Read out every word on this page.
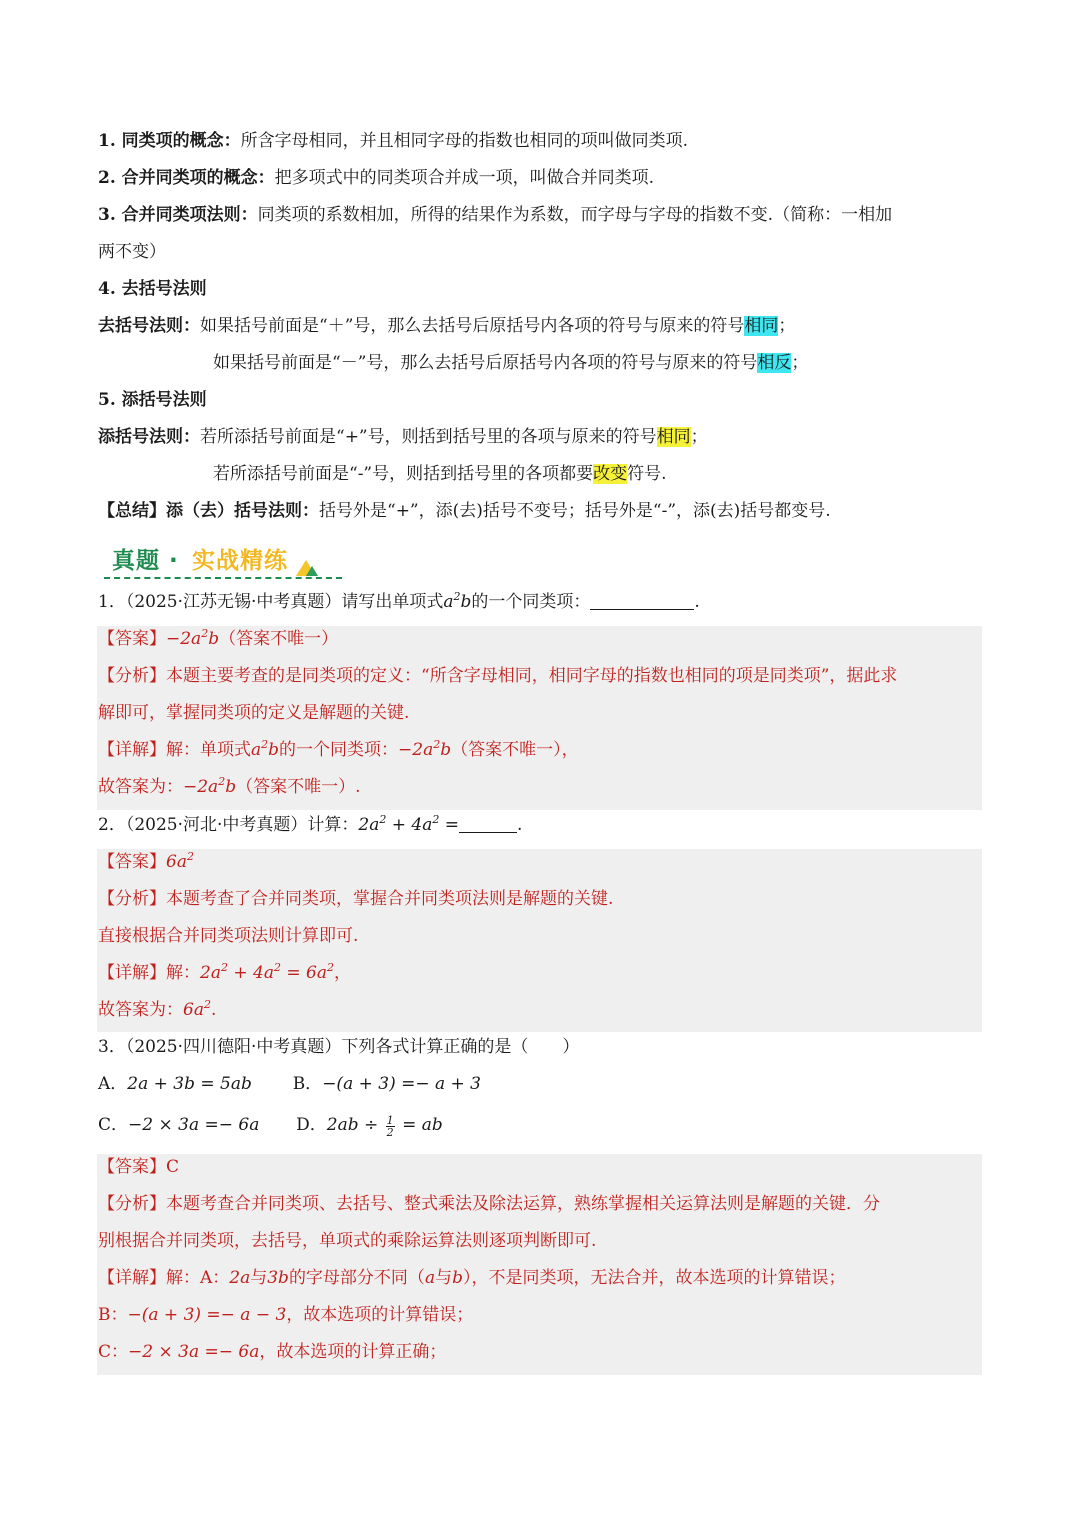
1. 同类项的概念：所含字母相同，并且相同字母的指数也相同的项叫做同类项.
2. 合并同类项的概念：把多项式中的同类项合并成一项，叫做合并同类项.
3. 合并同类项法则：同类项的系数相加，所得的结果作为系数，而字母与字母的指数不变.（简称：一相加
两不变）
4. 去括号法则
去括号法则：如果括号前面是“＋”号，那么去括号后原括号内各项的符号与原来的符号相同；
如果括号前面是“－”号，那么去括号后原括号内各项的符号与原来的符号相反；
5. 添括号法则
添括号法则：若所添括号前面是“+”号，则括到括号里的各项与原来的符号相同；
若所添括号前面是“-”号，则括到括号里的各项都要改变符号.
【总结】添（去）括号法则：括号外是“+”，添(去)括号不变号；括号外是“-”，添(去)括号都变号.
真题 · 实战精练
1．（2025·江苏无锡·中考真题）请写出单项式$a^2b$的一个同类项：	.
【答案】$-2a^2b$（答案不唯一）
【分析】本题主要考查的是同类项的定义：“所含字母相同，相同字母的指数也相同的项是同类项”，据此求
解即可，掌握同类项的定义是解题的关键.
【详解】解：单项式$a^2b$的一个同类项：$-2a^2b$（答案不唯一），
故答案为：$-2a^2b$（答案不唯一）.
2．（2025·河北·中考真题）计算：$2a^2 + 4a^2$ =	.
【答案】$6a^2$
【分析】本题考查了合并同类项，掌握合并同类项法则是解题的关键.
直接根据合并同类项法则计算即可.
【详解】解：$2a^2 + 4a^2 = 6a^2$，
故答案为：$6a^2$.
3．（2025·四川德阳·中考真题）下列各式计算正确的是（　　）
A．2a + 3b = 5ab B．−(a + 3) =− a + 3
C．−2 × 3a =− 6a D．$2ab \div \frac{1}{2}$ = ab
【答案】C
【分析】本题考查合并同类项、去括号、整式乘法及除法运算，熟练掌握相关运算法则是解题的关键．分
别根据合并同类项，去括号，单项式的乘除运算法则逐项判断即可.
【详解】解：A：2a与3b的字母部分不同（a与b），不是同类项，无法合并，故本选项的计算错误；
B：−(a + 3) =− a − 3，故本选项的计算错误；
C：−2 × 3a =− 6a，故本选项的计算正确；
